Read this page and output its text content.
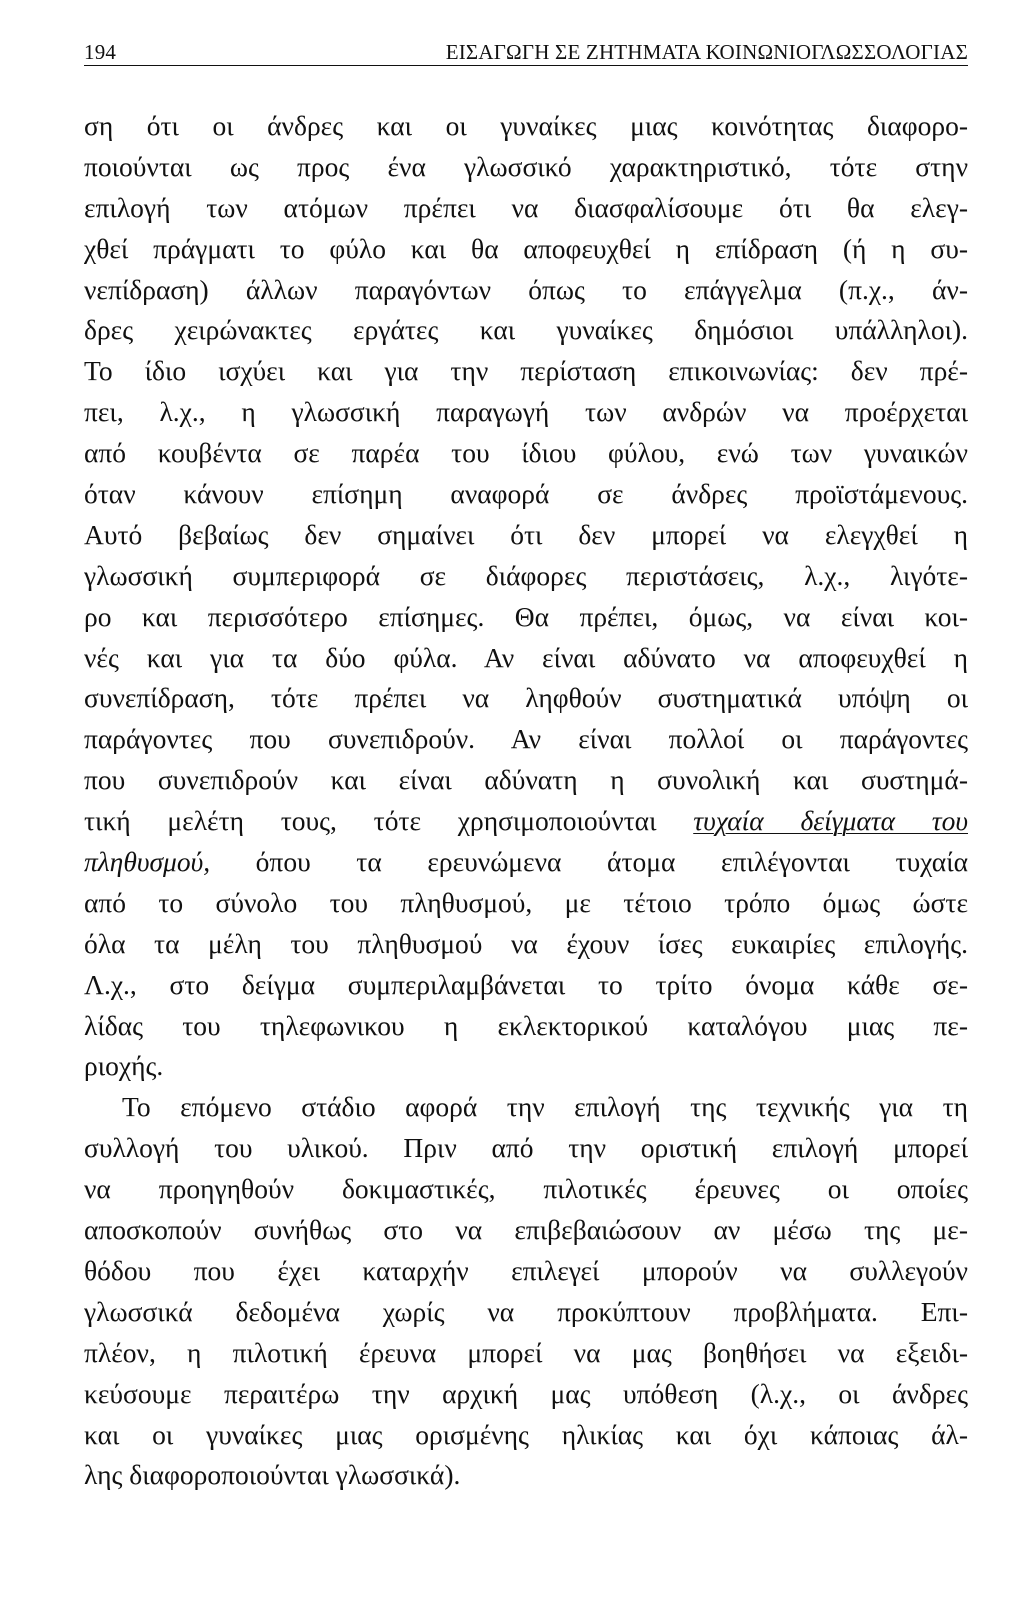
194	ΕΙΣΑΓΩΓΗ ΣΕ ΖΗΤΗΜΑΤΑ ΚΟΙΝΩΝΙΟΓΛΩΣΣΟΛΟΓΙΑΣ
ση ότι οι άνδρες και οι γυναίκες μιας κοινότητας διαφορο-
ποιούνται ως προς ένα γλωσσικό χαρακτηριστικό, τότε στην
επιλογή των ατόμων πρέπει να διασφαλίσουμε ότι θα ελεγ-
χθεί πράγματι το φύλο και θα αποφευχθεί η επίδραση (ή η συ-
νεπίδραση) άλλων παραγόντων όπως το επάγγελμα (π.χ., άν-
δρες χειρώνακτες εργάτες και γυναίκες δημόσιοι υπάλληλοι).
Το ίδιο ισχύει και για την περίσταση επικοινωνίας: δεν πρέ-
πει, λ.χ., η γλωσσική παραγωγή των ανδρών να προέρχεται
από κουβέντα σε παρέα του ίδιου φύλου, ενώ των γυναικών
όταν κάνουν επίσημη αναφορά σε άνδρες προϊστάμενους.
Αυτό βεβαίως δεν σημαίνει ότι δεν μπορεί να ελεγχθεί η
γλωσσική συμπεριφορά σε διάφορες περιστάσεις, λ.χ., λιγότε-
ρο και περισσότερο επίσημες. Θα πρέπει, όμως, να είναι κοι-
νές και για τα δύο φύλα. Αν είναι αδύνατο να αποφευχθεί η
συνεπίδραση, τότε πρέπει να ληφθούν συστηματικά υπόψη οι
παράγοντες που συνεπιδρούν. Αν είναι πολλοί οι παράγοντες
που συνεπιδρούν και είναι αδύνατη η συνολική και συστημά-
τική μελέτη τους, τότε χρησιμοποιούνται τυχαία δείγματα του
πληθυσμού, όπου τα ερευνώμενα άτομα επιλέγονται τυχαία
από το σύνολο του πληθυσμού, με τέτοιο τρόπο όμως ώστε
όλα τα μέλη του πληθυσμού να έχουν ίσες ευκαιρίες επιλογής.
Λ.χ., στο δείγμα συμπεριλαμβάνεται το τρίτο όνομα κάθε σε-
λίδας του τηλεφωνικου η εκλεκτορικού καταλόγου μιας πε-
ριοχής.
Το επόμενο στάδιο αφορά την επιλογή της τεχνικής για τη
συλλογή του υλικού. Πριν από την οριστική επιλογή μπορεί
να προηγηθούν δοκιμαστικές, πιλοτικές έρευνες οι οποίες
αποσκοπούν συνήθως στο να επιβεβαιώσουν αν μέσω της με-
θόδου που έχει καταρχήν επιλεγεί μπορούν να συλλεγούν
γλωσσικά δεδομένα χωρίς να προκύπτουν προβλήματα. Επι-
πλέον, η πιλοτική έρευνα μπορεί να μας βοηθήσει να εξειδι-
κεύσουμε περαιτέρω την αρχική μας υπόθεση (λ.χ., οι άνδρες
και οι γυναίκες μιας ορισμένης ηλικίας και όχι κάποιας άλ-
λης διαφοροποιούνται γλωσσικά).
